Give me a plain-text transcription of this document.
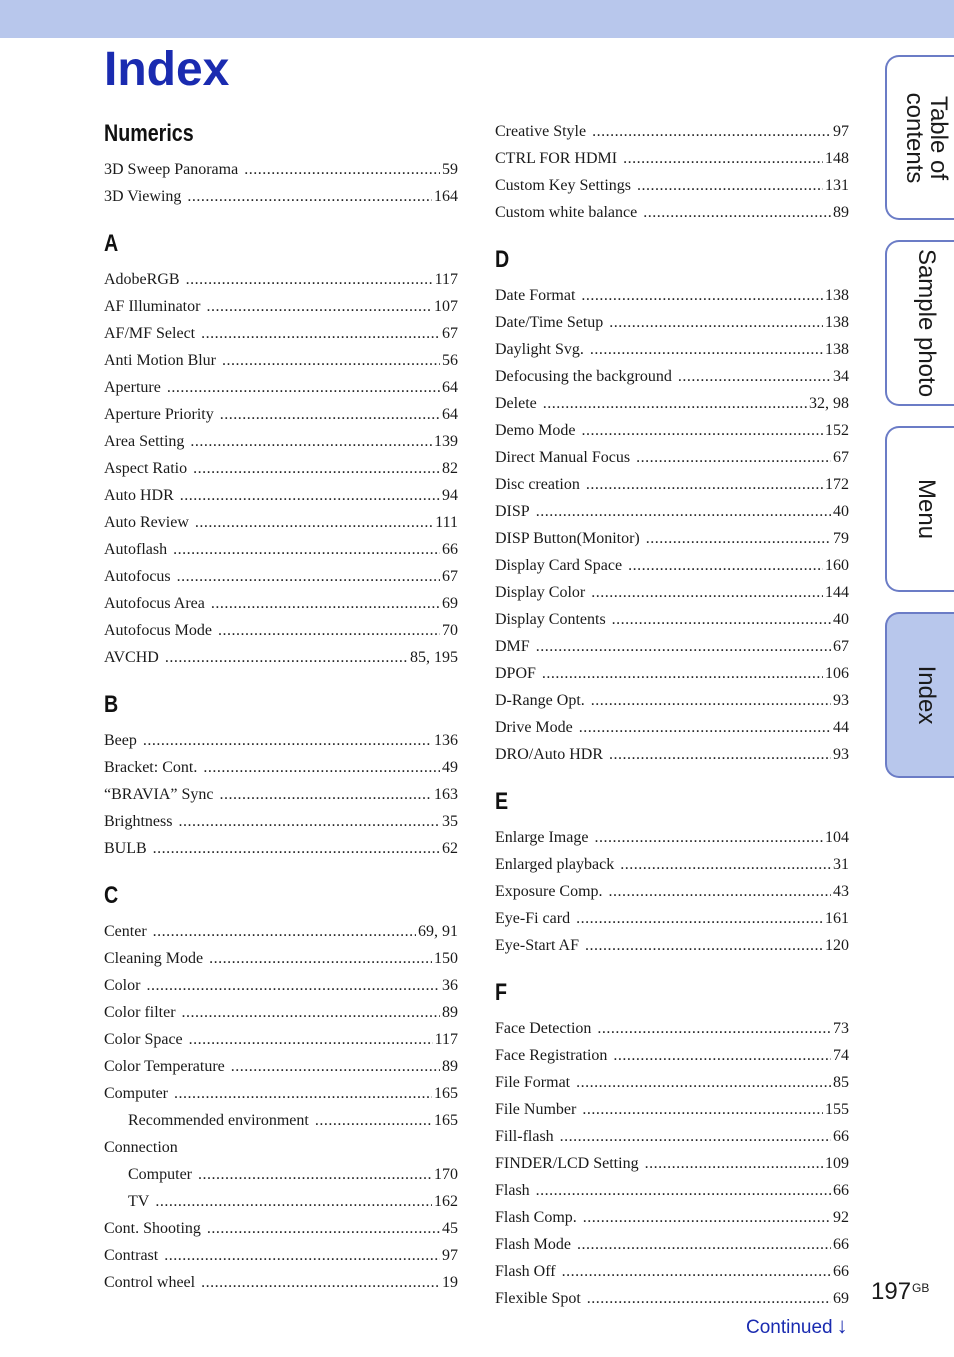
Index
Numerics
3D Sweep Panorama .....	59
3D Viewing .....	164
A
AdobeRGB .....	117
AF Illuminator .....	107
AF/MF Select .....	67
Anti Motion Blur .....	56
Aperture .....	64
Aperture Priority .....	64
Area Setting .....	139
Aspect Ratio .....	82
Auto HDR .....	94
Auto Review .....	111
Autoflash .....	66
Autofocus .....	67
Autofocus Area .....	69
Autofocus Mode .....	70
AVCHD .....	85, 195
B
Beep .....	136
Bracket: Cont. .....	49
“BRAVIA” Sync .....	163
Brightness .....	35
BULB .....	62
C
Center .....	69, 91
Cleaning Mode .....	150
Color .....	36
Color filter .....	89
Color Space .....	117
Color Temperature .....	89
Computer .....	165
Recommended environment .....	165
Connection
Computer .....	170
TV .....	162
Cont. Shooting .....	45
Contrast .....	97
Control wheel .....	19
Creative Style .....	97
CTRL FOR HDMI .....	148
Custom Key Settings .....	131
Custom white balance .....	89
D
Date Format .....	138
Date/Time Setup .....	138
Daylight Svg. .....	138
Defocusing the background .....	34
Delete .....	32, 98
Demo Mode .....	152
Direct Manual Focus .....	67
Disc creation .....	172
DISP .....	40
DISP Button(Monitor) .....	79
Display Card Space .....	160
Display Color .....	144
Display Contents .....	40
DMF .....	67
DPOF .....	106
D-Range Opt. .....	93
Drive Mode .....	44
DRO/Auto HDR .....	93
E
Enlarge Image .....	104
Enlarged playback .....	31
Exposure Comp. .....	43
Eye-Fi card .....	161
Eye-Start AF .....	120
F
Face Detection .....	73
Face Registration .....	74
File Format .....	85
File Number .....	155
Fill-flash .....	66
FINDER/LCD Setting .....	109
Flash .....	66
Flash Comp. .....	92
Flash Mode .....	66
Flash Off .....	66
Flexible Spot .....	69
Table of
contents
Sample photo
Menu
Index
$197^{GB}$
Continued ↓
